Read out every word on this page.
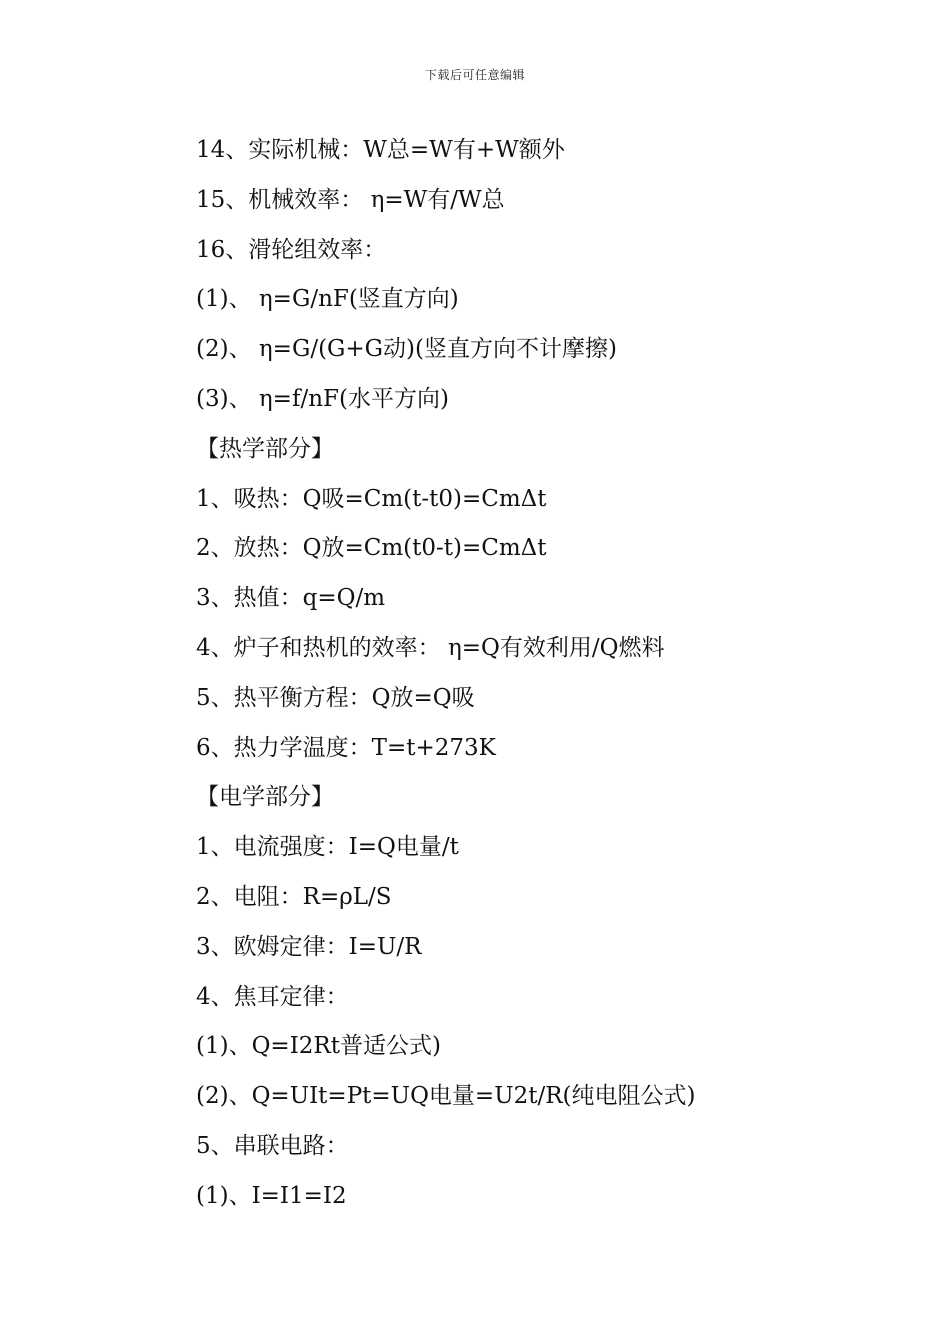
下载后可任意编辑
14、实际机械：W总=W有+W额外
15、机械效率： η=W有/W总
16、滑轮组效率：
(1)、 η=G/nF(竖直方向)
(2)、 η=G/(G+G动)(竖直方向不计摩擦)
(3)、 η=f/nF(水平方向)
【热学部分】
1、吸热：Q吸=Cm(t-t0)=CmΔt
2、放热：Q放=Cm(t0-t)=CmΔt
3、热值：q=Q/m
4、炉子和热机的效率： η=Q有效利用/Q燃料
5、热平衡方程：Q放=Q吸
6、热力学温度：T=t+273K
【电学部分】
1、电流强度：I=Q电量/t
2、电阻：R=ρL/S
3、欧姆定律：I=U/R
4、焦耳定律：
(1)、Q=I2Rt普适公式)
(2)、Q=UIt=Pt=UQ电量=U2t/R(纯电阻公式)
5、串联电路：
(1)、I=I1=I2
